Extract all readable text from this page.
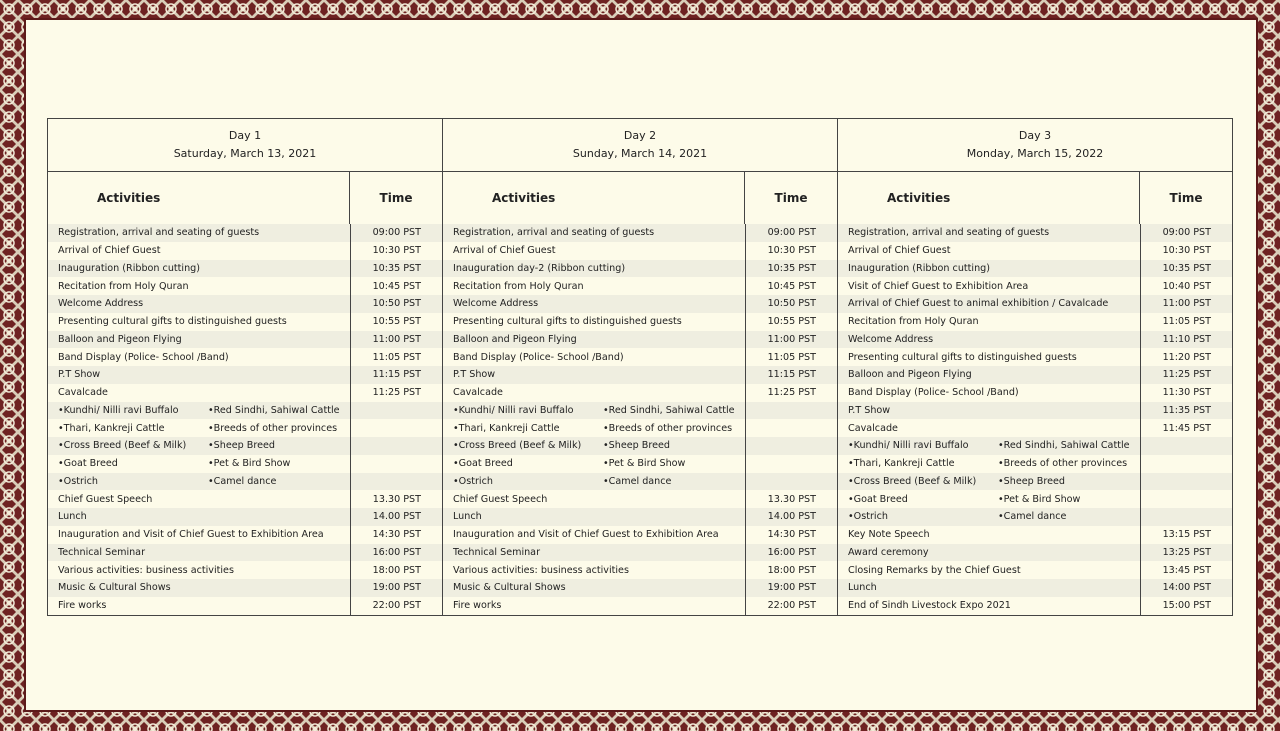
Day 1
Saturday, March 13, 2021
Activities	Time
Registration, arrival and seating of guests	09:00 PST
Arrival of Chief Guest	10:30 PST
Inauguration (Ribbon cutting)	10:35 PST
Recitation from Holy Quran	10:45 PST
Welcome Address	10:50 PST
Presenting cultural gifts to distinguished guests	10:55 PST
Balloon and Pigeon Flying	11:00 PST
Band Display (Police- School /Band)	11:05 PST
P.T Show	11:15 PST
Cavalcade	11:25 PST
•Kundhi/ Nilli ravi Buffalo	•Red Sindhi, Sahiwal Cattle
•Thari, Kankreji Cattle	•Breeds of other provinces
•Cross Breed (Beef & Milk)	•Sheep Breed
•Goat Breed	•Pet & Bird Show
•Ostrich	•Camel dance
Chief Guest Speech	13.30 PST
Lunch	14.00 PST
Inauguration and Visit of Chief Guest to Exhibition Area	14:30 PST
Technical Seminar	16:00 PST
Various activities: business activities	18:00 PST
Music & Cultural Shows	19:00 PST
Fire works	22:00 PST
Day 2
Sunday, March 14, 2021
Activities	Time
Registration, arrival and seating of guests	09:00 PST
Arrival of Chief Guest	10:30 PST
Inauguration day-2 (Ribbon cutting)	10:35 PST
Recitation from Holy Quran	10:45 PST
Welcome Address	10:50 PST
Presenting cultural gifts to distinguished guests	10:55 PST
Balloon and Pigeon Flying	11:00 PST
Band Display (Police- School /Band)	11:05 PST
P.T Show	11:15 PST
Cavalcade	11:25 PST
•Kundhi/ Nilli ravi Buffalo	•Red Sindhi, Sahiwal Cattle
•Thari, Kankreji Cattle	•Breeds of other provinces
•Cross Breed (Beef & Milk)	•Sheep Breed
•Goat Breed	•Pet & Bird Show
•Ostrich	•Camel dance
Chief Guest Speech	13.30 PST
Lunch	14.00 PST
Inauguration and Visit of Chief Guest to Exhibition Area	14:30 PST
Technical Seminar	16:00 PST
Various activities: business activities	18:00 PST
Music & Cultural Shows	19:00 PST
Fire works	22:00 PST
Day 3
Monday, March 15, 2022
Activities	Time
Registration, arrival and seating of guests	09:00 PST
Arrival of Chief Guest	10:30 PST
Inauguration (Ribbon cutting)	10:35 PST
Visit of Chief Guest to Exhibition Area	10:40 PST
Arrival of Chief Guest to animal exhibition / Cavalcade	11:00 PST
Recitation from Holy Quran	11:05 PST
Welcome Address	11:10 PST
Presenting cultural gifts to distinguished guests	11:20 PST
Balloon and Pigeon Flying	11:25 PST
Band Display (Police- School /Band)	11:30 PST
P.T Show	11:35 PST
Cavalcade	11:45 PST
•Kundhi/ Nilli ravi Buffalo	•Red Sindhi, Sahiwal Cattle
•Thari, Kankreji Cattle	•Breeds of other provinces
•Cross Breed (Beef & Milk)	•Sheep Breed
•Goat Breed	•Pet & Bird Show
•Ostrich	•Camel dance
Key Note Speech	13:15 PST
Award ceremony	13:25 PST
Closing Remarks by the Chief Guest	13:45 PST
Lunch	14:00 PST
End of Sindh Livestock Expo 2021	15:00 PST
